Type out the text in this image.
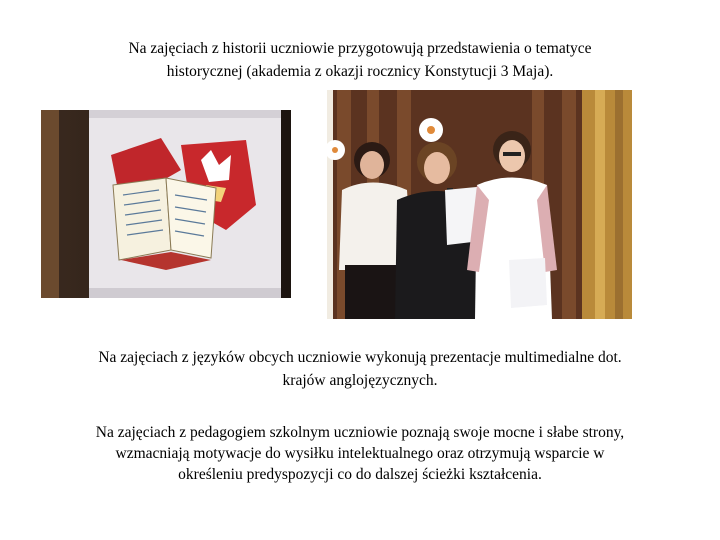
Na zajęciach z historii uczniowie przygotowują przedstawienia o tematyce
historycznej (akademia z okazji rocznicy Konstytucji 3 Maja).

Na zajęciach z języków obcych uczniowie wykonują prezentacje multimedialne dot.
krajów anglojęzycznych.

Na zajęciach z pedagogiem szkolnym uczniowie poznają swoje mocne i słabe strony,
wzmacniają motywacje do wysiłku intelektualnego oraz otrzymują wsparcie w
określeniu predyspozycji co do dalszej ścieżki kształcenia.
